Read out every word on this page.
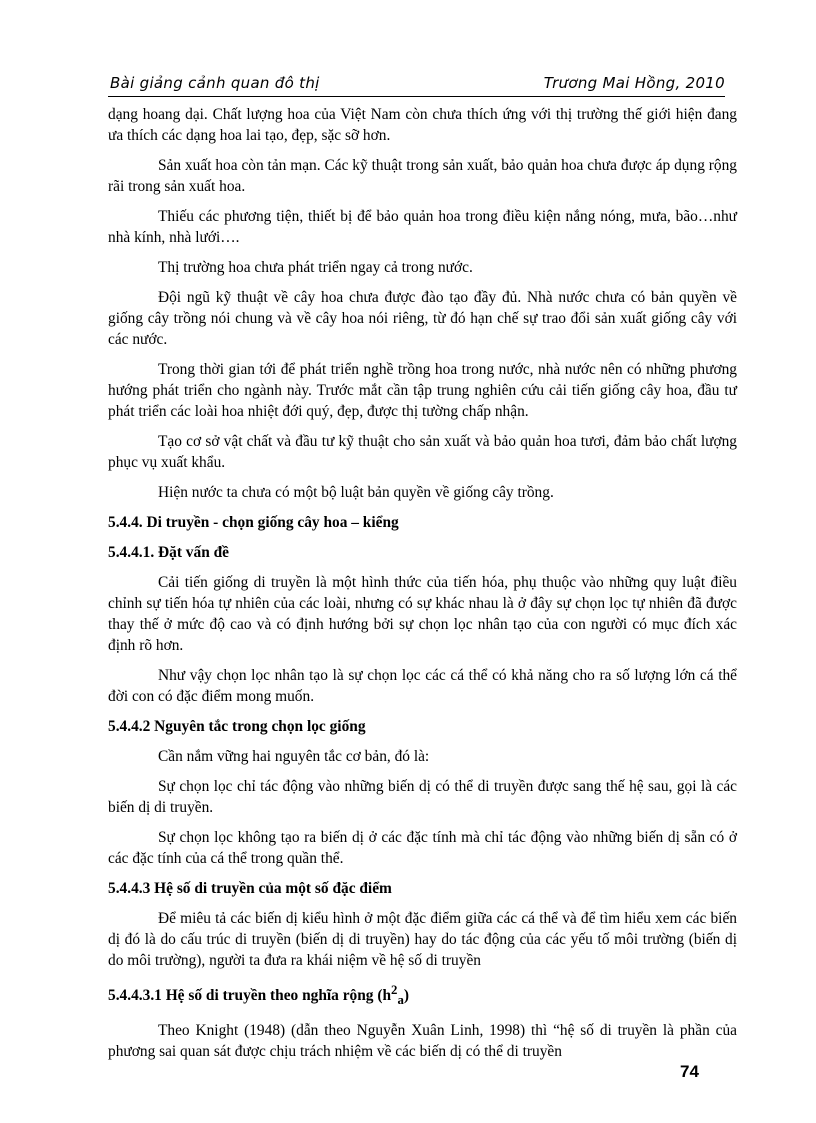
Bài giảng cảnh quan đô thị	Trương Mai Hồng, 2010

dạng hoang dại. Chất lượng hoa của Việt Nam còn chưa thích ứng với thị trường thế giới hiện đang ưa thích các dạng hoa lai tạo, đẹp, sặc sỡ hơn.

Sản xuất hoa còn tản mạn. Các kỹ thuật trong sản xuất, bảo quản hoa chưa được áp dụng rộng rãi trong sản xuất hoa.

Thiếu các phương tiện, thiết bị để bảo quản hoa trong điều kiện nắng nóng, mưa, bão…như nhà kính, nhà lưới….

Thị trường hoa chưa phát triển ngay cả trong nước.

Đội ngũ kỹ thuật về cây hoa chưa được đào tạo đầy đủ. Nhà nước chưa có bản quyền về giống cây trồng nói chung và về cây hoa nói riêng, từ đó hạn chế sự trao đổi sản xuất giống cây với các nước.

Trong thời gian tới để phát triển nghề trồng hoa trong nước, nhà nước nên có những phương hướng phát triển cho ngành này. Trước mắt cần tập trung nghiên cứu cải tiến giống cây hoa, đầu tư phát triển các loài hoa nhiệt đới quý, đẹp, được thị tường chấp nhận.

Tạo cơ sở vật chất và đầu tư kỹ thuật cho sản xuất và bảo quản hoa tươi, đảm bảo chất lượng phục vụ xuất khẩu.

Hiện nước ta chưa có một bộ luật bản quyền về giống cây trồng.

5.4.4. Di truyền - chọn giống cây hoa – kiểng
5.4.4.1. Đặt vấn đề

Cải tiến giống di truyền là một hình thức của tiến hóa, phụ thuộc vào những quy luật điều chỉnh sự tiến hóa tự nhiên của các loài, nhưng có sự khác nhau là ở đây sự chọn lọc tự nhiên đã được thay thế ở mức độ cao và có định hướng bởi sự chọn lọc nhân tạo của con người có mục đích xác định rõ hơn.

Như vậy chọn lọc nhân tạo là sự chọn lọc các cá thể có khả năng cho ra số lượng lớn cá thể đời con có đặc điểm mong muốn.

5.4.4.2 Nguyên tắc trong chọn lọc giống

Cần nắm vững hai nguyên tắc cơ bản, đó là:

Sự chọn lọc chỉ tác động vào những biến dị có thể di truyền được sang thế hệ sau, gọi là các biến dị di truyền.

Sự chọn lọc không tạo ra biến dị ở các đặc tính mà chỉ tác động vào những biến dị sẵn có ở các đặc tính của cá thể trong quần thể.

5.4.4.3 Hệ số di truyền của một số đặc điểm

Để miêu tả các biến dị kiểu hình ở một đặc điểm giữa các cá thể và để tìm hiểu xem các biến dị đó là do cấu trúc di truyền (biến dị di truyền) hay do tác động của các yếu tố môi trường (biến dị do môi trường), người ta đưa ra khái niệm về hệ số di truyền

5.4.4.3.1 Hệ số di truyền theo nghĩa rộng $(h^2_a)$

Theo Knight (1948) (dẫn theo Nguyễn Xuân Linh, 1998) thì “hệ số di truyền là phần của phương sai quan sát được chịu trách nhiệm về các biến dị có thể di truyền

74
